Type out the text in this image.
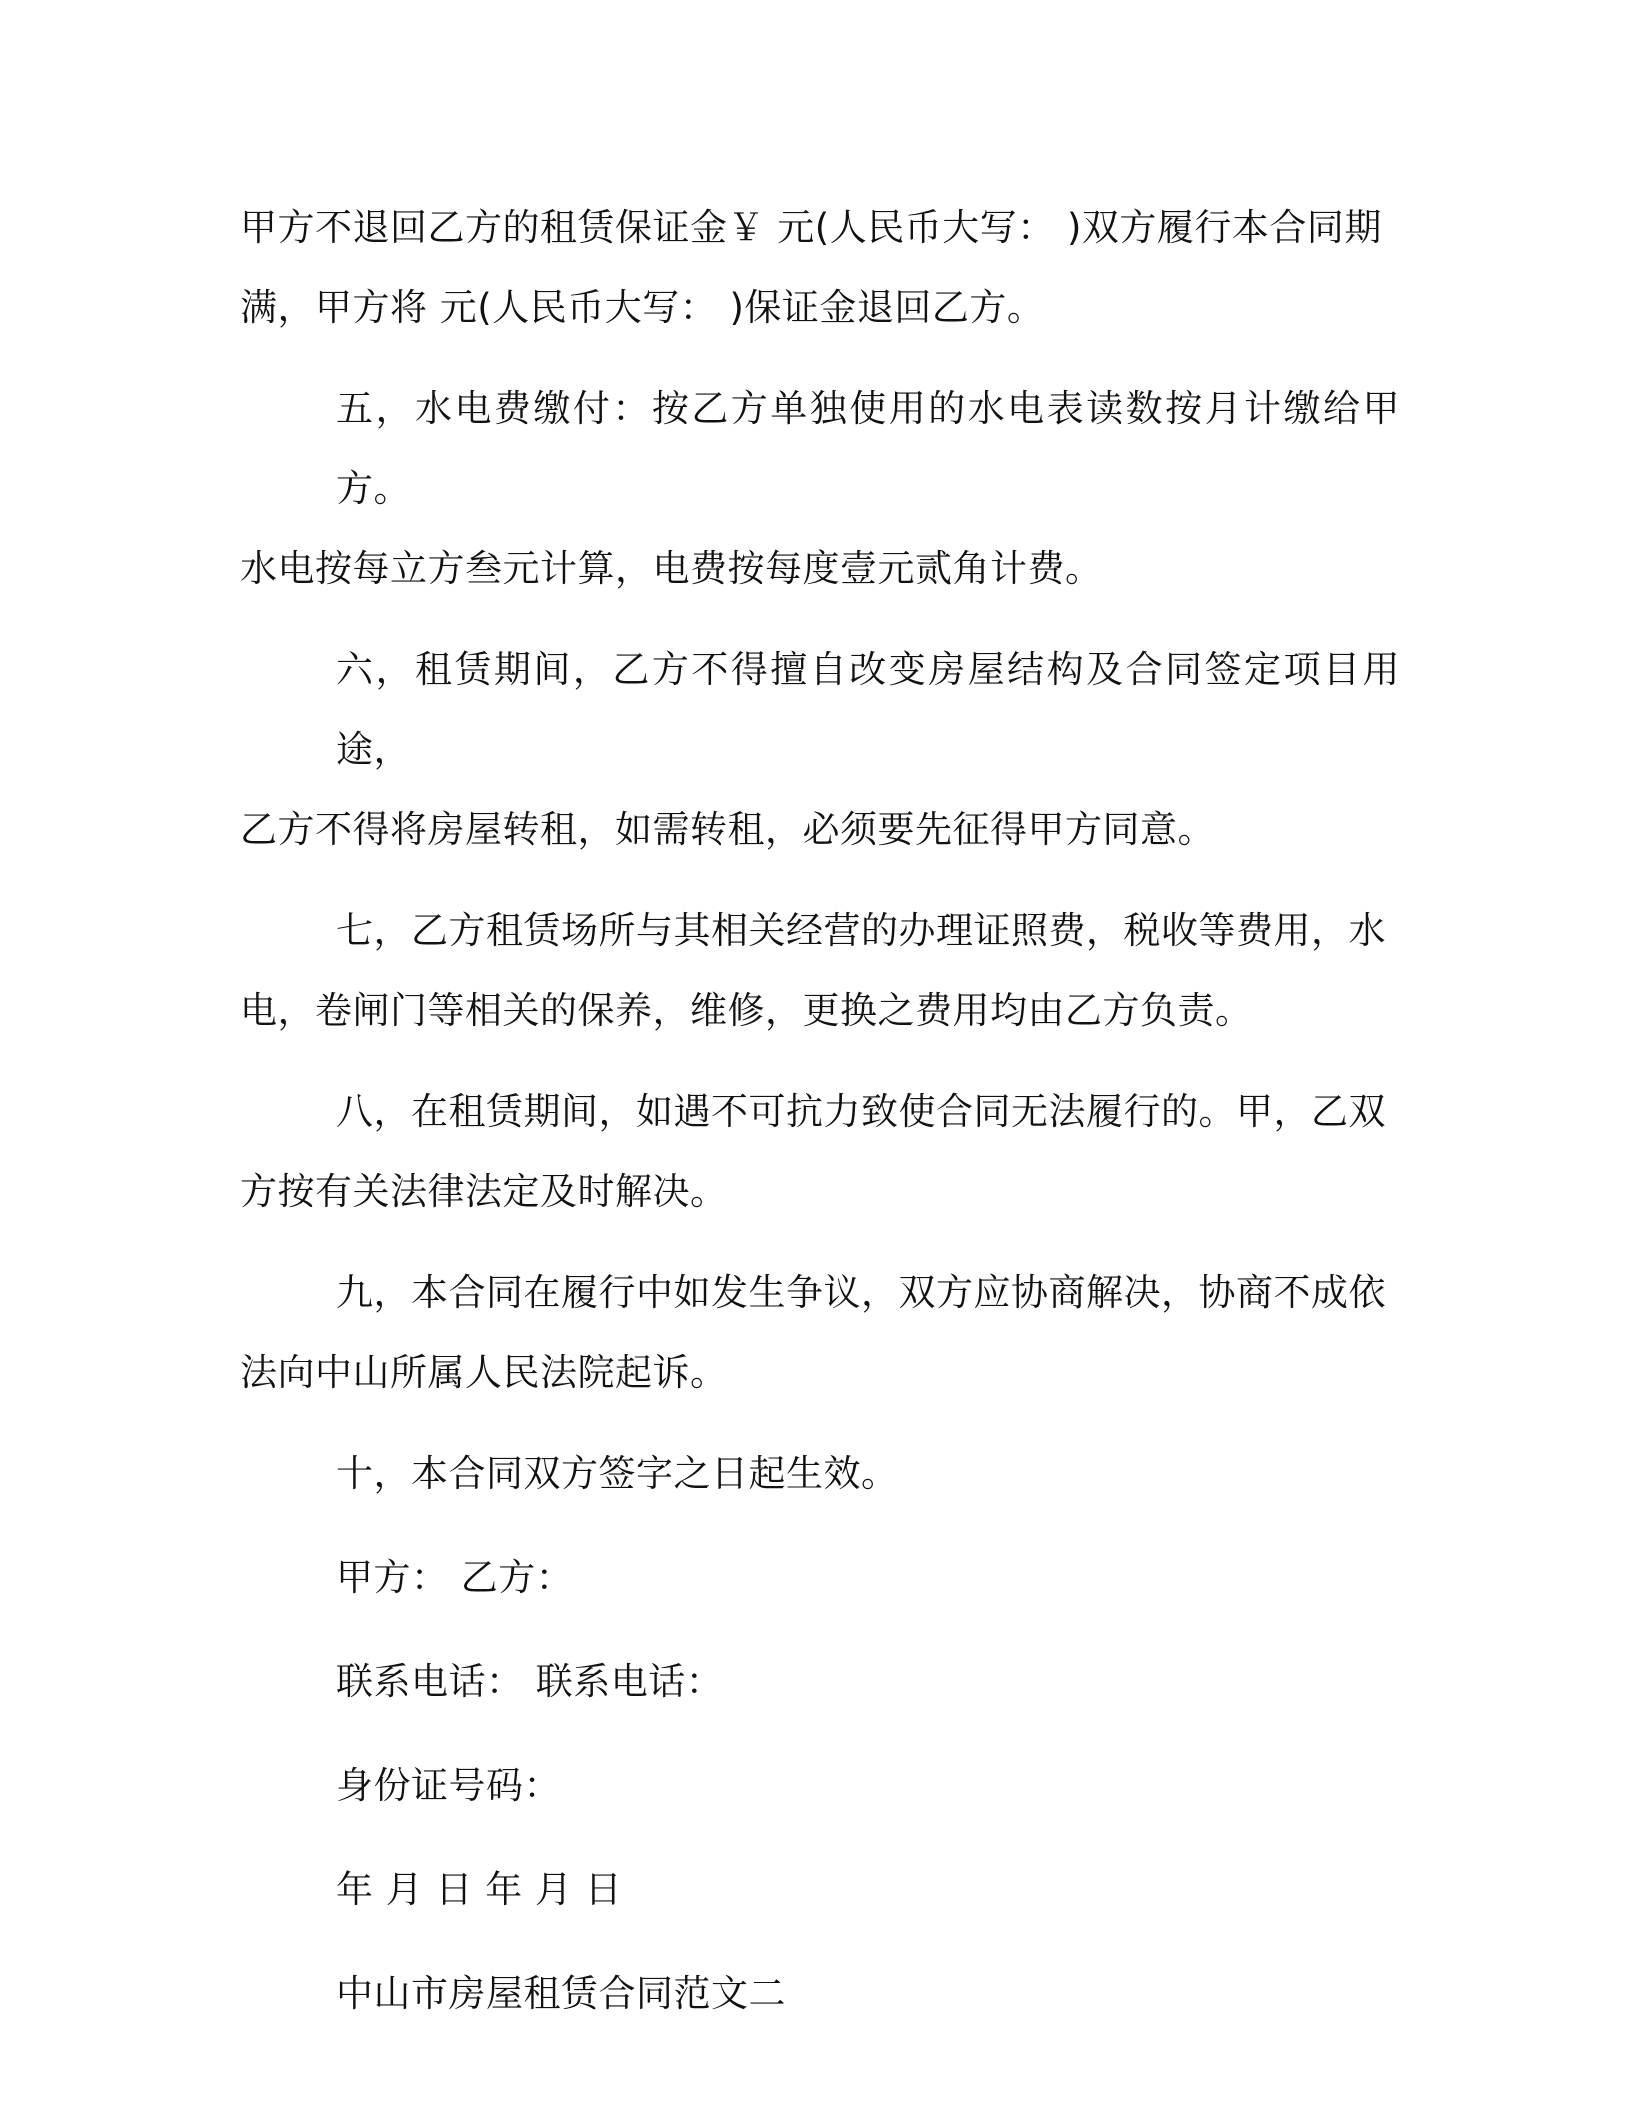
甲方不退回乙方的租赁保证金￥ 元(人民币大写： )双方履行本合同期
满，甲方将 元(人民币大写： )保证金退回乙方。

五，水电费缴付：按乙方单独使用的水电表读数按月计缴给甲方。
水电按每立方叁元计算，电费按每度壹元贰角计费。

六，租赁期间，乙方不得擅自改变房屋结构及合同签定项目用途，
乙方不得将房屋转租，如需转租，必须要先征得甲方同意。

七，乙方租赁场所与其相关经营的办理证照费，税收等费用，水
电，卷闸门等相关的保养，维修，更换之费用均由乙方负责。

八，在租赁期间，如遇不可抗力致使合同无法履行的。甲，乙双
方按有关法律法定及时解决。

九，本合同在履行中如发生争议，双方应协商解决，协商不成依
法向中山所属人民法院起诉。

十，本合同双方签字之日起生效。

甲方： 乙方：

联系电话： 联系电话：

身份证号码：

年 月 日 年 月 日

中山市房屋租赁合同范文二
